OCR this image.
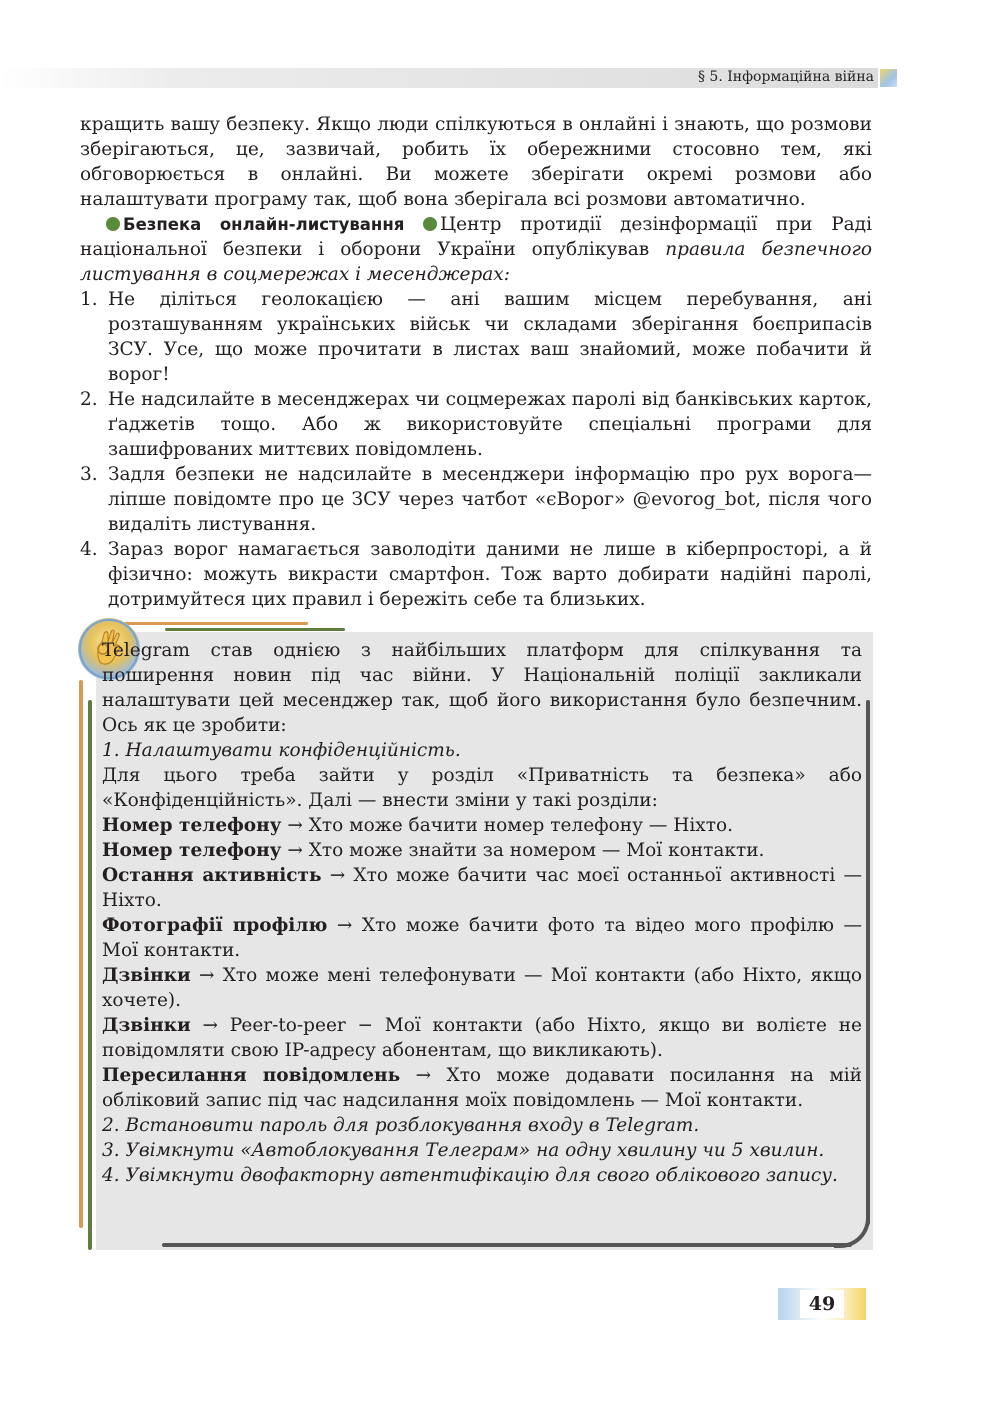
§ 5. Інформаційна війна

кращить вашу безпеку. Якщо люди спілкуються в онлайні і знають, що розмови зберігаються, це, зазвичай, робить їх обережними стосовно тем, які обговорюється в онлайні. Ви можете зберігати окремі розмови або налаштувати програму так, щоб вона зберігала всі розмови автоматично.

Безпека онлайн-листування Центр протидії дезінформації при Раді національної безпеки і оборони України опублікував правила безпечного листування в соцмережах і месенджерах:

1. Не діліться геолокацією — ані вашим місцем перебування, ані розташуванням українських військ чи складами зберігання боєприпасів ЗСУ. Усе, що може прочитати в листах ваш знайомий, може побачити й ворог!
2. Не надсилайте в месенджерах чи соцмережах паролі від банківських карток, ґаджетів тощо. Або ж використовуйте спеціальні програми для зашифрованих миттєвих повідомлень.
3. Задля безпеки не надсилайте в месенджери інформацію про рух ворога— ліпше повідомте про це ЗСУ через чатбот «єВорог» @evorog_bot, після чого видаліть листування.
4. Зараз ворог намагається заволодіти даними не лише в кіберпросторі, а й фізично: можуть викрасти смартфон. Тож варто добирати надійні паролі, дотримуйтеся цих правил і бережіть себе та близьких.

Telegram став однією з найбільших платформ для спілкування та поширення новин під час війни. У Національній поліції закликали налаштувати цей месенджер так, щоб його використання було безпечним. Ось як це зробити:

1. Налаштувати конфіденційність.

Для цього треба зайти у розділ «Приватність та безпека» або «Конфіденційність». Далі — внести зміни у такі розділи:

Номер телефону → Хто може бачити номер телефону — Ніхто.

Номер телефону → Хто може знайти за номером — Мої контакти.

Остання активність → Хто може бачити час моєї останньої активності — Ніхто.

Фотографії профілю → Хто може бачити фото та відео мого профілю — Мої контакти.

Дзвінки → Хто може мені телефонувати — Мої контакти (або Ніхто, якщо хочете).

Дзвінки → Peer-to-peer − Мої контакти (або Ніхто, якщо ви волієте не повідомляти свою IP-адресу абонентам, що викликають).

Пересилання повідомлень → Хто може додавати посилання на мій обліковий запис під час надсилання моїх повідомлень — Мої контакти.

2. Встановити пароль для розблокування входу в Telegram.

3. Увімкнути «Автоблокування Телеграм» на одну хвилину чи 5 хвилин.

4. Увімкнути двофакторну автентифікацію для свого облікового запису.

49
